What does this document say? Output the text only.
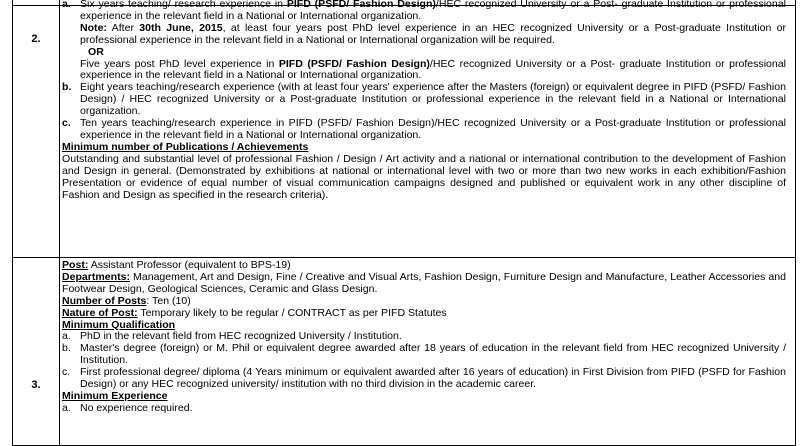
2.

a. Six years teaching/ research experience in PIFD (PSFD/ Fashion Design)/HEC recognized University or a Post- graduate Institution or professional experience in the relevant field in a National or International organization.

Note: After 30th June, 2015, at least four years post PhD level experience in an HEC recognized University or a Post-graduate Institution or professional experience in the relevant field in a National or International organization will be required.

OR

Five years post PhD level experience in PIFD (PSFD/ Fashion Design)/HEC recognized University or a Post- graduate Institution or professional experience in the relevant field in a National or International organization.

b. Eight years teaching/research experience (with at least four years' experience after the Masters (foreign) or equivalent degree in PIFD (PSFD/ Fashion Design) / HEC recognized University or a Post-graduate Institution or professional experience in the relevant field in a National or International organization.

c. Ten years teaching/research experience in PIFD (PSFD/ Fashion Design)/HEC recognized University or a Post-graduate Institution or professional experience in the relevant field in a National or International organization.

Minimum number of Publications / Achievements

Outstanding and substantial level of professional Fashion / Design / Art activity and a national or international contribution to the development of Fashion and Design in general. (Demonstrated by exhibitions at national or international level with two or more than two new works in each exhibition/Fashion Presentation or evidence of equal number of visual communication campaigns designed and published or equivalent work in any other discipline of Fashion and Design as specified in the research criteria).

3.

Post: Assistant Professor (equivalent to BPS-19)

Departments: Management, Art and Design, Fine / Creative and Visual Arts, Fashion Design, Furniture Design and Manufacture, Leather Accessories and Footwear Design, Geological Sciences, Ceramic and Glass Design.

Number of Posts: Ten (10)

Nature of Post: Temporary likely to be regular / CONTRACT as per PIFD Statutes

Minimum Qualification

a. PhD in the relevant field from HEC recognized University / Institution.

b. Master's degree (foreign) or M. Phil or equivalent degree awarded after 18 years of education in the relevant field from HEC recognized University / Institution.

c. First professional degree/ diploma (4 Years minimum or equivalent awarded after 16 years of education) in First Division from PIFD (PSFD for Fashion Design) or any HEC recognized university/ institution with no third division in the academic career.

Minimum Experience

a. No experience required.
